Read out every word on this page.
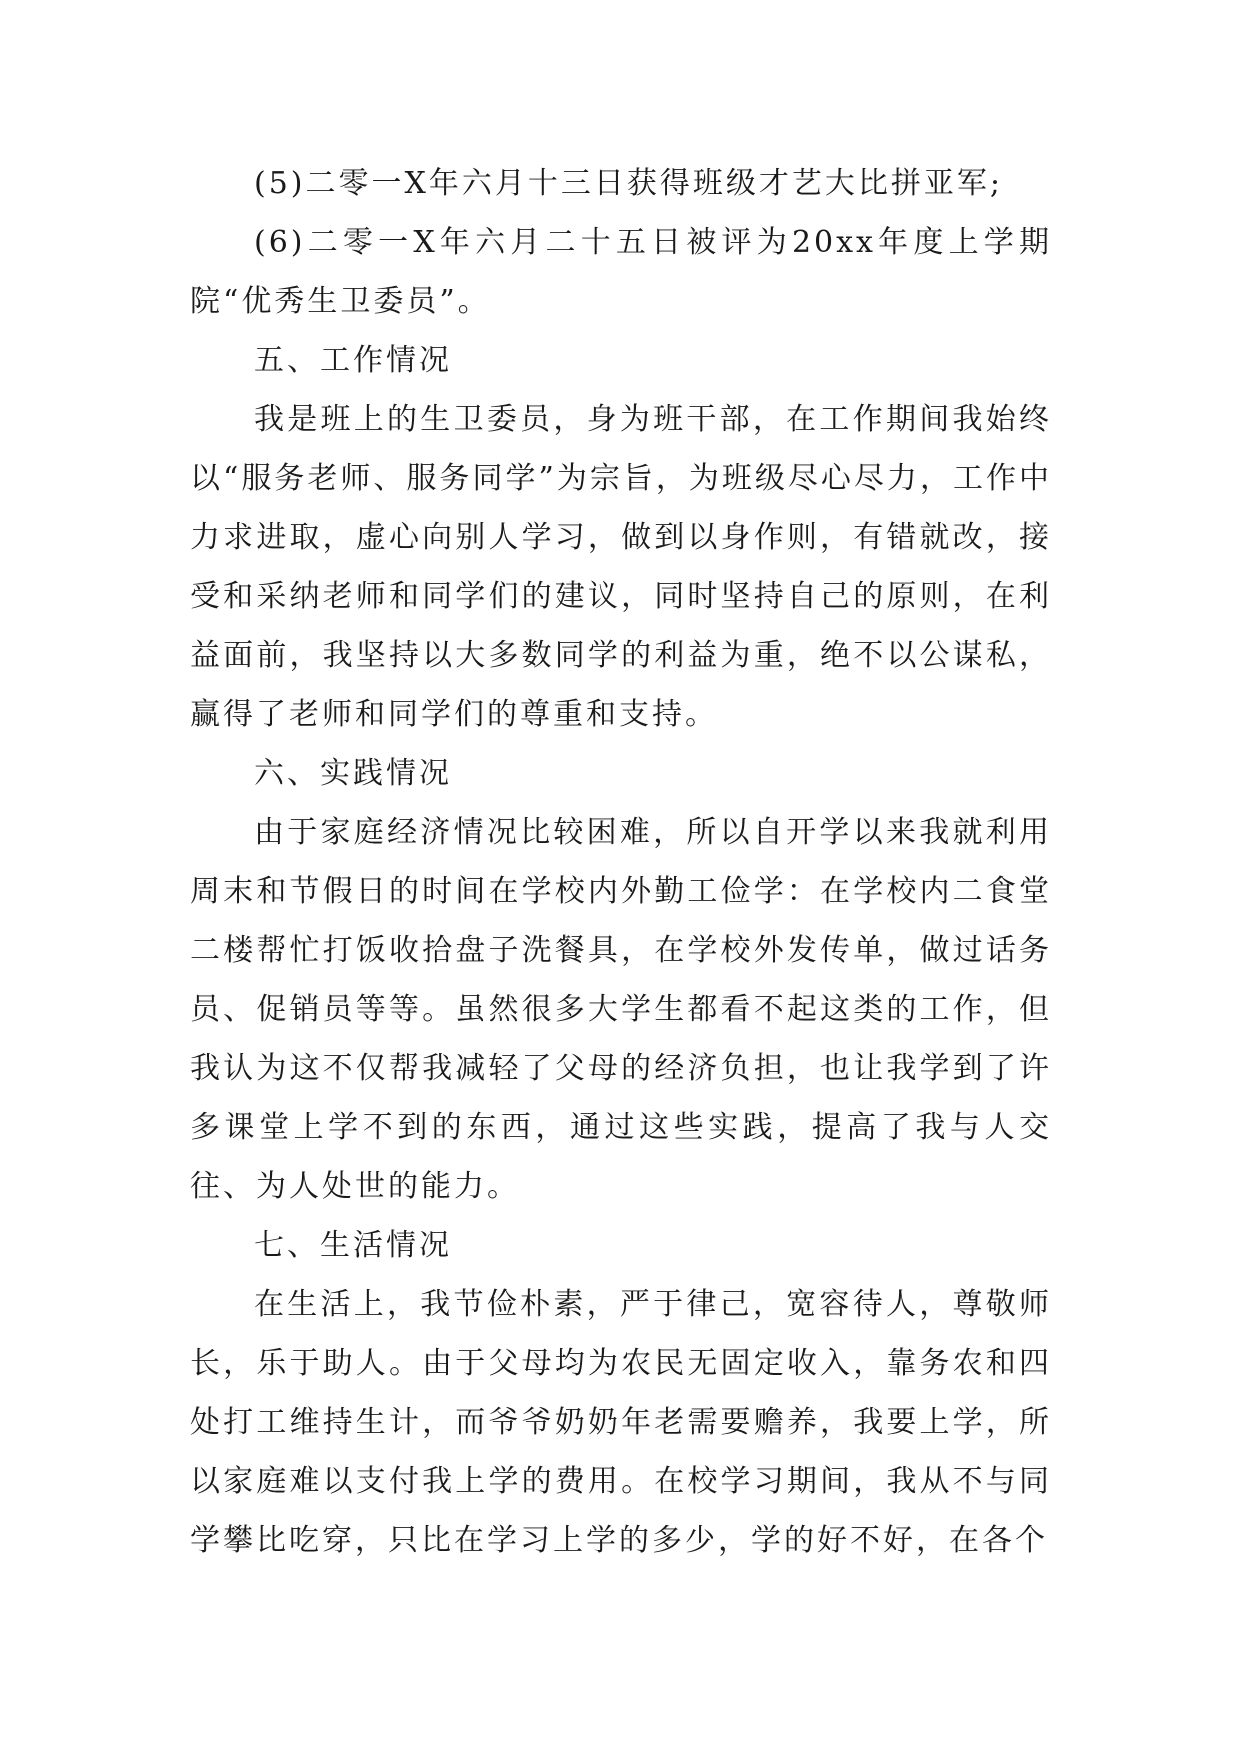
(5)二零一X年六月十三日获得班级才艺大比拼亚军;

(6)二零一X年六月二十五日被评为20xx年度上学期院“优秀生卫委员”。

五、工作情况

我是班上的生卫委员，身为班干部，在工作期间我始终以“服务老师、服务同学”为宗旨，为班级尽心尽力，工作中力求进取，虚心向别人学习，做到以身作则，有错就改，接受和采纳老师和同学们的建议，同时坚持自己的原则，在利益面前，我坚持以大多数同学的利益为重，绝不以公谋私，赢得了老师和同学们的尊重和支持。

六、实践情况

由于家庭经济情况比较困难，所以自开学以来我就利用周末和节假日的时间在学校内外勤工俭学：在学校内二食堂二楼帮忙打饭收拾盘子洗餐具，在学校外发传单，做过话务员、促销员等等。虽然很多大学生都看不起这类的工作，但我认为这不仅帮我减轻了父母的经济负担，也让我学到了许多课堂上学不到的东西，通过这些实践，提高了我与人交往、为人处世的能力。

七、生活情况

在生活上，我节俭朴素，严于律己，宽容待人，尊敬师长，乐于助人。由于父母均为农民无固定收入，靠务农和四处打工维持生计，而爷爷奶奶年老需要赡养，我要上学，所以家庭难以支付我上学的费用。在校学习期间，我从不与同学攀比吃穿，只比在学习上学的多少，学的好不好，在各个
